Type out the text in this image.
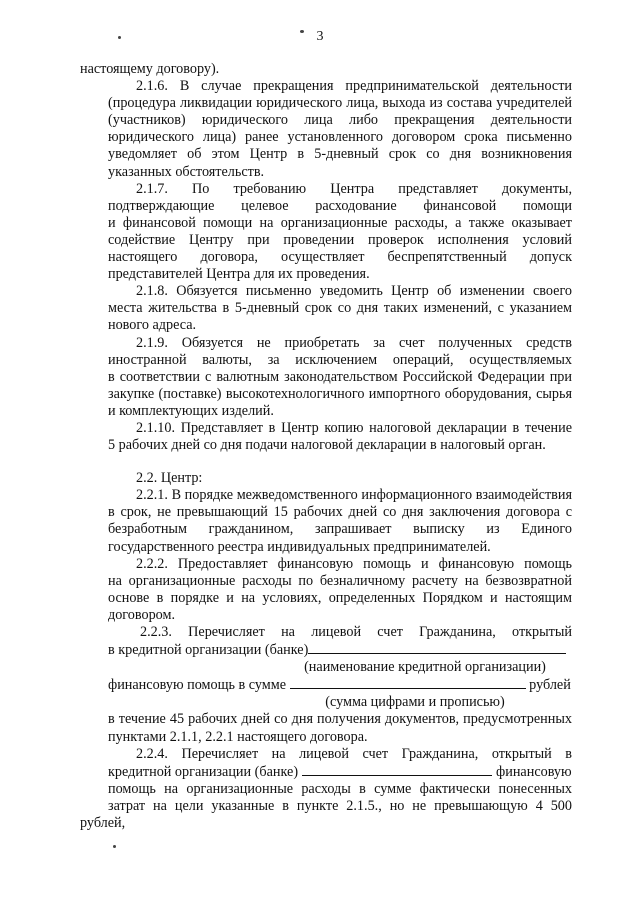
3

настоящему договору).

2.1.6. В случае прекращения предпринимательской деятельности
(процедура ликвидации юридического лица, выхода из состава учредителей
(участников) юридического лица либо прекращения деятельности
юридического лица) ранее установленного договором срока письменно
уведомляет об этом Центр в 5-дневный срок со дня возникновения
указанных обстоятельств.

2.1.7. По требованию Центра представляет документы,
подтверждающие целевое расходование финансовой помощи
и финансовой помощи на организационные расходы, а также оказывает
содействие Центру при проведении проверок исполнения условий
настоящего договора, осуществляет беспрепятственный допуск
представителей Центра для их проведения.

2.1.8. Обязуется письменно уведомить Центр об изменении своего
места жительства в 5-дневный срок со дня таких изменений, с указанием
нового адреса.

2.1.9. Обязуется не приобретать за счет полученных средств
иностранной валюты, за исключением операций, осуществляемых
в соответствии с валютным законодательством Российской Федерации при
закупке (поставке) высокотехнологичного импортного оборудования, сырья
и комплектующих изделий.

2.1.10. Представляет в Центр копию налоговой декларации в течение
5 рабочих дней со дня подачи налоговой декларации в налоговый орган.

2.2. Центр:

2.2.1. В порядке межведомственного информационного взаимодействия
в срок, не превышающий 15 рабочих дней со дня заключения договора с
безработным гражданином, запрашивает выписку из Единого
государственного реестра индивидуальных предпринимателей.

2.2.2. Предоставляет финансовую помощь и финансовую помощь
на организационные расходы по безналичному расчету на безвозвратной
основе в порядке и на условиях, определенных Порядком и настоящим
договором.

2.2.3. Перечисляет на лицевой счет Гражданина, открытый
в кредитной организации (банке)
(наименование кредитной организации)
финансовую помощь в сумме	рублей
(сумма цифрами и прописью)
в течение 45 рабочих дней со дня получения документов, предусмотренных
пунктами 2.1.1, 2.2.1 настоящего договора.

2.2.4. Перечисляет на лицевой счет Гражданина, открытый в
кредитной организации (банке)	финансовую
помощь на организационные расходы в сумме фактически понесенных
затрат на цели указанные в пункте 2.1.5., но не превышающую 4 500 рублей,
